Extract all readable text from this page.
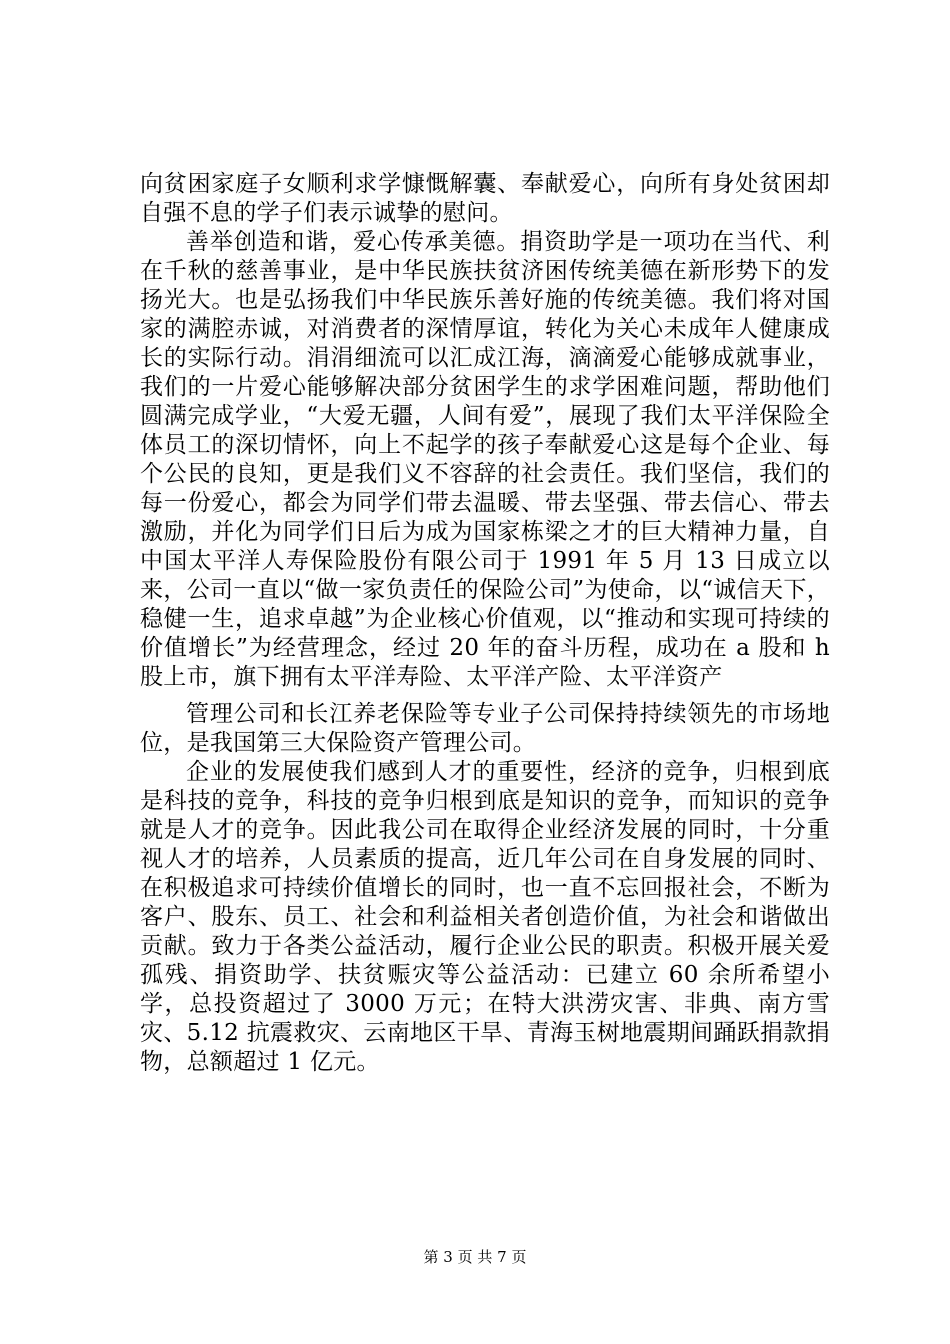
向贫困家庭子女顺利求学慷慨解囊、奉献爱心，向所有身处贫困却自强不息的学子们表示诚挚的慰问。

善举创造和谐，爱心传承美德。捐资助学是一项功在当代、利在千秋的慈善事业，是中华民族扶贫济困传统美德在新形势下的发扬光大。也是弘扬我们中华民族乐善好施的传统美德。我们将对国家的满腔赤诚，对消费者的深情厚谊，转化为关心未成年人健康成长的实际行动。涓涓细流可以汇成江海，滴滴爱心能够成就事业，我们的一片爱心能够解决部分贫困学生的求学困难问题，帮助他们圆满完成学业，“大爱无疆，人间有爱”，展现了我们太平洋保险全体员工的深切情怀，向上不起学的孩子奉献爱心这是每个企业、每个公民的良知，更是我们义不容辞的社会责任。我们坚信，我们的每一份爱心，都会为同学们带去温暖、带去坚强、带去信心、带去激励，并化为同学们日后为成为国家栋梁之才的巨大精神力量，自中国太平洋人寿保险股份有限公司于 1991 年 5 月 13 日成立以来，公司一直以“做一家负责任的保险公司”为使命，以“诚信天下，稳健一生，追求卓越”为企业核心价值观，以“推动和实现可持续的价值增长”为经营理念，经过 20 年的奋斗历程，成功在 a 股和 h 股上市，旗下拥有太平洋寿险、太平洋产险、太平洋资产

管理公司和长江养老保险等专业子公司保持持续领先的市场地位，是我国第三大保险资产管理公司。

企业的发展使我们感到人才的重要性，经济的竞争，归根到底是科技的竞争，科技的竞争归根到底是知识的竞争，而知识的竞争就是人才的竞争。因此我公司在取得企业经济发展的同时，十分重视人才的培养，人员素质的提高，近几年公司在自身发展的同时、在积极追求可持续价值增长的同时，也一直不忘回报社会，不断为客户、股东、员工、社会和利益相关者创造价值，为社会和谐做出贡献。致力于各类公益活动，履行企业公民的职责。积极开展关爱孤残、捐资助学、扶贫赈灾等公益活动：已建立 60 余所希望小学，总投资超过了 3000 万元；在特大洪涝灾害、非典、南方雪灾、5.12 抗震救灾、云南地区干旱、青海玉树地震期间踊跃捐款捐物，总额超过 1 亿元。

第 3 页 共 7 页
